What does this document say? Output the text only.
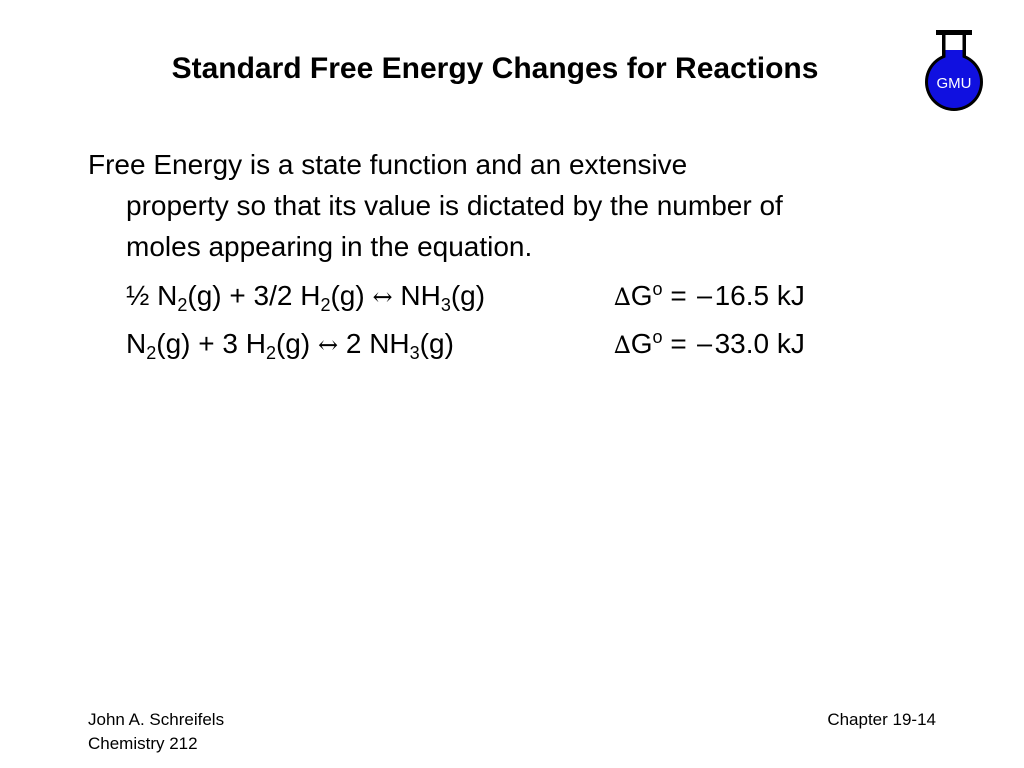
Standard Free Energy Changes for Reactions	GMU
Free Energy is a state function and an extensive
property so that its value is dictated by the number of
moles appearing in the equation.
½ $N_2(g) + 3/2$ $H_2(g)$ ↔ $NH_3(g)$	$\Delta G^o = -16.5$ kJ
$N_2(g) + 3$ $H_2(g)$ ↔ 2 $NH_3(g)$	$\Delta G^o = -33.0$ kJ
John A. Schreifels
Chemistry 212
Chapter 19-14
